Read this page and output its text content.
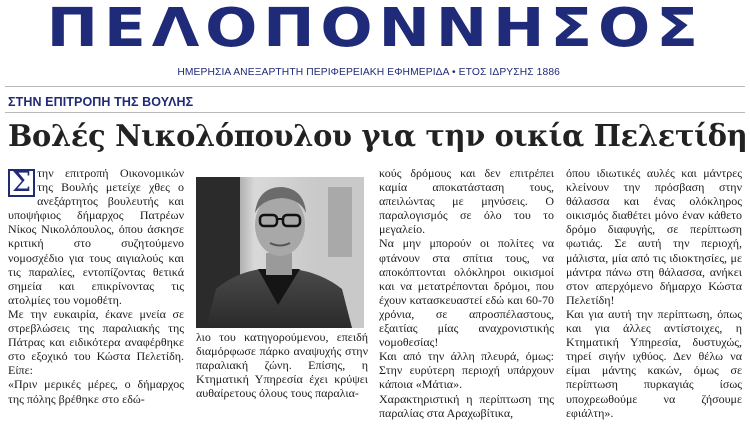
ΠΕΛΟΠΟΝΝΗΣΟΣ
ΗΜΕΡΗΣΙΑ ΑΝΕΞΑΡΤΗΤΗ ΠΕΡΙΦΕΡΕΙΑΚΗ ΕΦΗΜΕΡΙΔΑ • ΕΤΟΣ ΙΔΡΥΣΗΣ 1886
ΣΤΗΝ ΕΠΙΤΡΟΠΗ ΤΗΣ ΒΟΥΛΗΣ
Βολές Νικολόπουλου για την οικία Πελετίδη
Σ την επιτροπή Οικονομικών της Βουλής μετείχε χθες ο ανεξάρτητος βουλευτής και υποψήφιος δήμαρχος Πατρέων Νίκος Νικολόπουλος, όπου άσκησε κριτική στο συζητούμενο νομοσχέδιο για τους αιγιαλούς και τις παραλίες, εντοπίζοντας θετικά σημεία και επικρίνοντας τις ατολμίες του νομοθέτη.

Με την ευκαιρία, έκανε μνεία σε στρεβλώσεις της παραλιακής της Πάτρας και ειδικότερα αναφέρθηκε στο εξοχικό του Κώστα Πελετίδη. Είπε:

«Πριν μερικές μέρες, ο δήμαρχος της πόλης βρέθηκε στο εδώ-

λιο του κατηγορούμενου, επειδή διαμόρφωσε πάρκο αναψυχής στην παραλιακή ζώνη. Επίσης, η Κτηματική Υπηρεσία έχει κρύψει αυθαίρετους όλους τους παραλια-

κούς δρόμους και δεν επιτρέπει καμία αποκατάσταση τους, απειλώντας με μηνύσεις. Ο παραλογισμός σε όλο του το μεγαλείο.

Να μην μπορούν οι πολίτες να φτάνουν στα σπίτια τους, να αποκόπτονται ολόκληροι οικισμοί και να μετατρέπονται δρόμοι, που έχουν κατασκευαστεί εδώ και 60-70 χρόνια, σε απροσπέλαστους, εξαιτίας μίας αναχρονιστικής νομοθεσίας!

Και από την άλλη πλευρά, όμως: Στην ευρύτερη περιοχή υπάρχουν κάποια «Μάτια».

Χαρακτηριστική η περίπτωση της παραλίας στα Αραχωβίτικα,

όπου ιδιωτικές αυλές και μάντρες κλείνουν την πρόσβαση στην θάλασσα και ένας ολόκληρος οικισμός διαθέτει μόνο έναν κάθετο δρόμο διαφυγής, σε περίπτωση φωτιάς. Σε αυτή την περιοχή, μάλιστα, μία από τις ιδιοκτησίες, με μάντρα πάνω στη θάλασσα, ανήκει στον απερχόμενο δήμαρχο Κώστα Πελετίδη!

Και για αυτή την περίπτωση, όπως και για άλλες αντίστοιχες, η Κτηματική Υπηρεσία, δυστυχώς, τηρεί σιγήν ιχθύος. Δεν θέλω να είμαι μάντης κακών, όμως σε περίπτωση πυρκαγιάς ίσως υποχρεωθούμε να ζήσουμε εφιάλτη».
